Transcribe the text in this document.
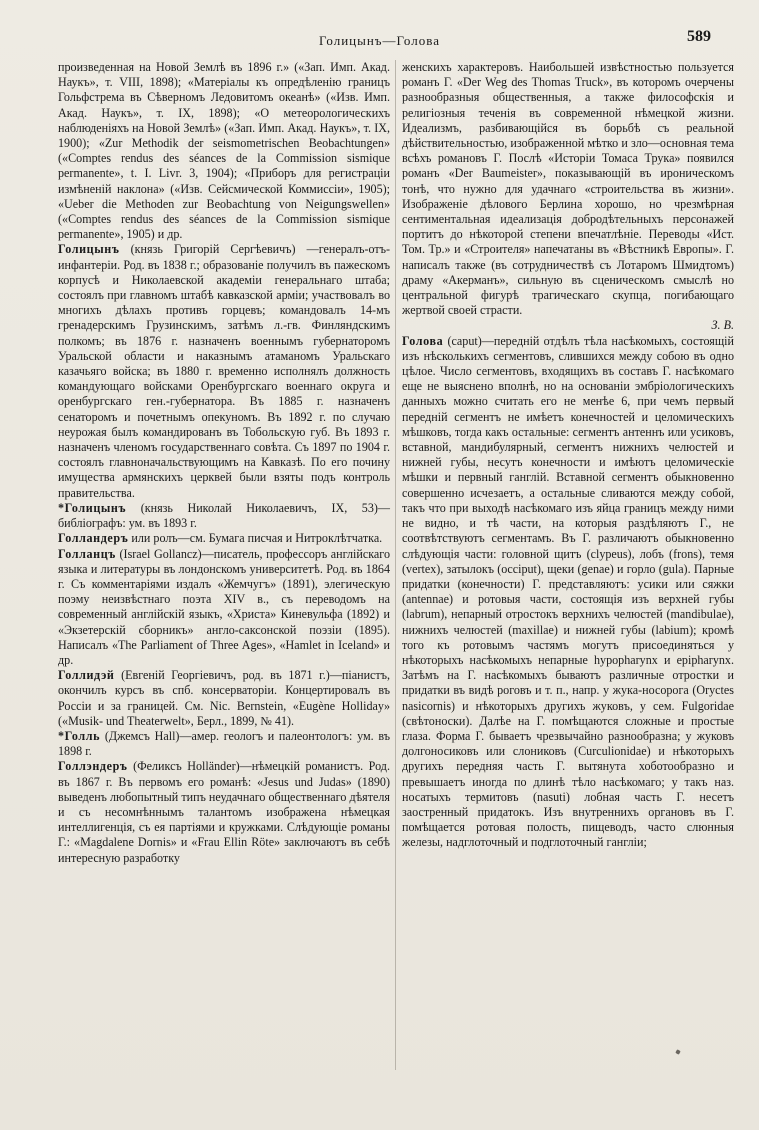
Голицынъ—Голова	589

произведенная на Новой Землѣ въ 1896 г.» («Зап. Имп. Акад. Наукъ», т. VIII, 1898); «Матеріалы къ опредѣленію границъ Гольфстрема въ Сѣверномъ Ледовитомъ океанѣ» («Изв. Имп. Акад. Наукъ», т. IX, 1898); «О метеорологическихъ наблюденіяхъ на Новой Землѣ» («Зап. Имп. Акад. Наукъ», т. IX, 1900); «Zur Methodik der seismometrischen Beobachtungen» («Comptes rendus des séances de la Commission sismique permanente», t. I. Livr. 3, 1904); «Приборъ для регистраціи измѣненій наклона» («Изв. Сейсмической Коммиссіи», 1905); «Ueber die Methoden zur Beobachtung von Neigungswellen» («Comptes rendus des séances de la Commission sismique permanente», 1905) и др.

Голицынъ (князь Григорій Сергѣевичъ) —генералъ-отъ-инфантеріи. Род. въ 1838 г.; образованіе получилъ въ пажескомъ корпусѣ и Николаевской академіи генеральнаго штаба; состоялъ при главномъ штабѣ кавказской арміи; участвовалъ во многихъ дѣлахъ противъ горцевъ; командовалъ 14-мъ гренадерскимъ Грузинскимъ, затѣмъ л.-гв. Финляндскимъ полкомъ; въ 1876 г. назначенъ военнымъ губернаторомъ Уральской области и наказнымъ атаманомъ Уральскаго казачьяго войска; въ 1880 г. временно исполнялъ должность командующаго войсками Оренбургскаго военнаго округа и оренбургскаго ген.-губернатора. Въ 1885 г. назначенъ сенаторомъ и почетнымъ опекуномъ. Въ 1892 г. по случаю неурожая былъ командированъ въ Тобольскую губ. Въ 1893 г. назначенъ членомъ государственнаго совѣта. Съ 1897 по 1904 г. состоялъ главноначальствующимъ на Кавказѣ. По его почину имущества армянскихъ церквей были взяты подъ контроль правительства.

*Голицынъ (князь Николай Николаевичъ, IX, 53)—библіографъ: ум. въ 1893 г.

Голландеръ или ролъ—см. Бумага писчая и Нитроклѣтчатка.

Голланцъ (Israel Gollancz)—писатель, профессоръ англійскаго языка и литературы въ лондонскомъ университетѣ. Род. въ 1864 г. Съ комментаріями издалъ «Жемчугъ» (1891), элегическую поэму неизвѣстнаго поэта XIV в., съ переводомъ на современный англійскій языкъ, «Христа» Киневульфа (1892) и «Экзетерскій сборникъ» англо-саксонской поэзіи (1895). Написалъ «The Parliament of Three Ages», «Hamlet in Iceland» и др.

Голлидэй (Евгеній Георгіевичъ, род. въ 1871 г.)—піанистъ, окончилъ курсъ въ спб. консерваторіи. Концертировалъ въ Россіи и за границей. См. Nic. Bernstein, «Eugène Holliday» («Musik- und Theaterwelt», Берл., 1899, № 41).

*Голль (Джемсъ Hall)—амер. геологъ и палеонтологъ: ум. въ 1898 г.

Голлэндеръ (Феликсъ Holländer)—нѣмецкій романистъ. Род. въ 1867 г. Въ первомъ его романѣ: «Jesus und Judas» (1890) выведенъ любопытный типъ неудачнаго общественнаго дѣятеля и съ несомнѣннымъ талантомъ изображена нѣмецкая интеллигенція, съ ея партіями и кружками. Слѣдующіе романы Г.: «Magdalene Dornis» и «Frau Ellin Röte» заключаютъ въ себѣ интересную разработку

женскихъ характеровъ. Наибольшей извѣстностью пользуется романъ Г. «Der Weg des Thomas Truck», въ которомъ очерчены разнообразныя общественныя, а также философскія и религіозныя теченія въ современной нѣмецкой жизни. Идеализмъ, разбивающійся въ борьбѣ съ реальной дѣйствительностью, изображенной мѣтко и зло—основная тема всѣхъ романовъ Г. Послѣ «Исторіи Томаса Трука» появился романъ «Der Baumeister», показывающій въ ироническомъ тонѣ, что нужно для удачнаго «строительства въ жизни». Изображеніе дѣлового Берлина хорошо, но чрезмѣрная сентиментальная идеализація добродѣтельныхъ персонажей портитъ до нѣкоторой степени впечатлѣніе. Переводы «Ист. Том. Тр.» и «Строителя» напечатаны въ «Вѣстникѣ Европы». Г. написалъ также (въ сотрудничествѣ съ Лотаромъ Шмидтомъ) драму «Акерманъ», сильную въ сценическомъ смыслѣ но центральной фигурѣ трагическаго скупца, погибающаго жертвой своей страсти.

З. В.

Голова (caput)—передній отдѣлъ тѣла насѣкомыхъ, состоящій изъ нѣсколькихъ сегментовъ, слившихся между собою въ одно цѣлое. Число сегментовъ, входящихъ въ составъ Г. насѣкомаго еще не выяснено вполнѣ, но на основаніи эмбріологическихъ данныхъ можно считать его не менѣе 6, при чемъ первый передній сегментъ не имѣетъ конечностей и целомическихъ мѣшковъ, тогда какъ остальные: сегментъ антеннъ или усиковъ, вставной, мандибулярный, сегментъ нижнихъ челюстей и нижней губы, несутъ конечности и имѣютъ целомическіе мѣшки и первный ганглій. Вставной сегментъ обыкновенно совершенно исчезаетъ, а остальные сливаются между собой, такъ что при выходѣ насѣкомаго изъ яйца границъ между ними не видно, и тѣ части, на которыя раздѣляютъ Г., не соотвѣтствуютъ сегментамъ. Въ Г. различаютъ обыкновенно слѣдующія части: головной щитъ (clypeus), лобъ (frons), темя (vertex), затылокъ (occiput), щеки (genae) и горло (gula). Парные придатки (конечности) Г. представляютъ: усики или сяжки (antennae) и ротовыя части, состоящія изъ верхней губы (labrum), непарный отростокъ верхнихъ челюстей (mandibulae), нижнихъ челюстей (maxillae) и нижней губы (labium); кромѣ того къ ротовымъ частямъ могутъ присоединяться у нѣкоторыхъ насѣкомыхъ непарные hypopharynx и epipharynx. Затѣмъ на Г. насѣкомыхъ бываютъ различные отростки и придатки въ видѣ роговъ и т. п., напр. у жука-носорога (Oryctes nasicornis) и нѣкоторыхъ другихъ жуковъ, у сем. Fulgoridae (свѣтоноски). Далѣе на Г. помѣщаются сложные и простые глаза. Форма Г. бываетъ чрезвычайно разнообразна; у жуковъ долгоносиковъ или слониковъ (Curculionidae) и нѣкоторыхъ другихъ передняя часть Г. вытянута хоботообразно и превышаетъ иногда по длинѣ тѣло насѣкомаго; у такъ наз. носатыхъ термитовъ (nasuti) лобная часть Г. несетъ заостренный придатокъ. Изъ внутреннихъ органовъ въ Г. помѣщается ротовая полость, пищеводъ, часто слюнныя железы, надглоточный и подглоточный гангліи;
